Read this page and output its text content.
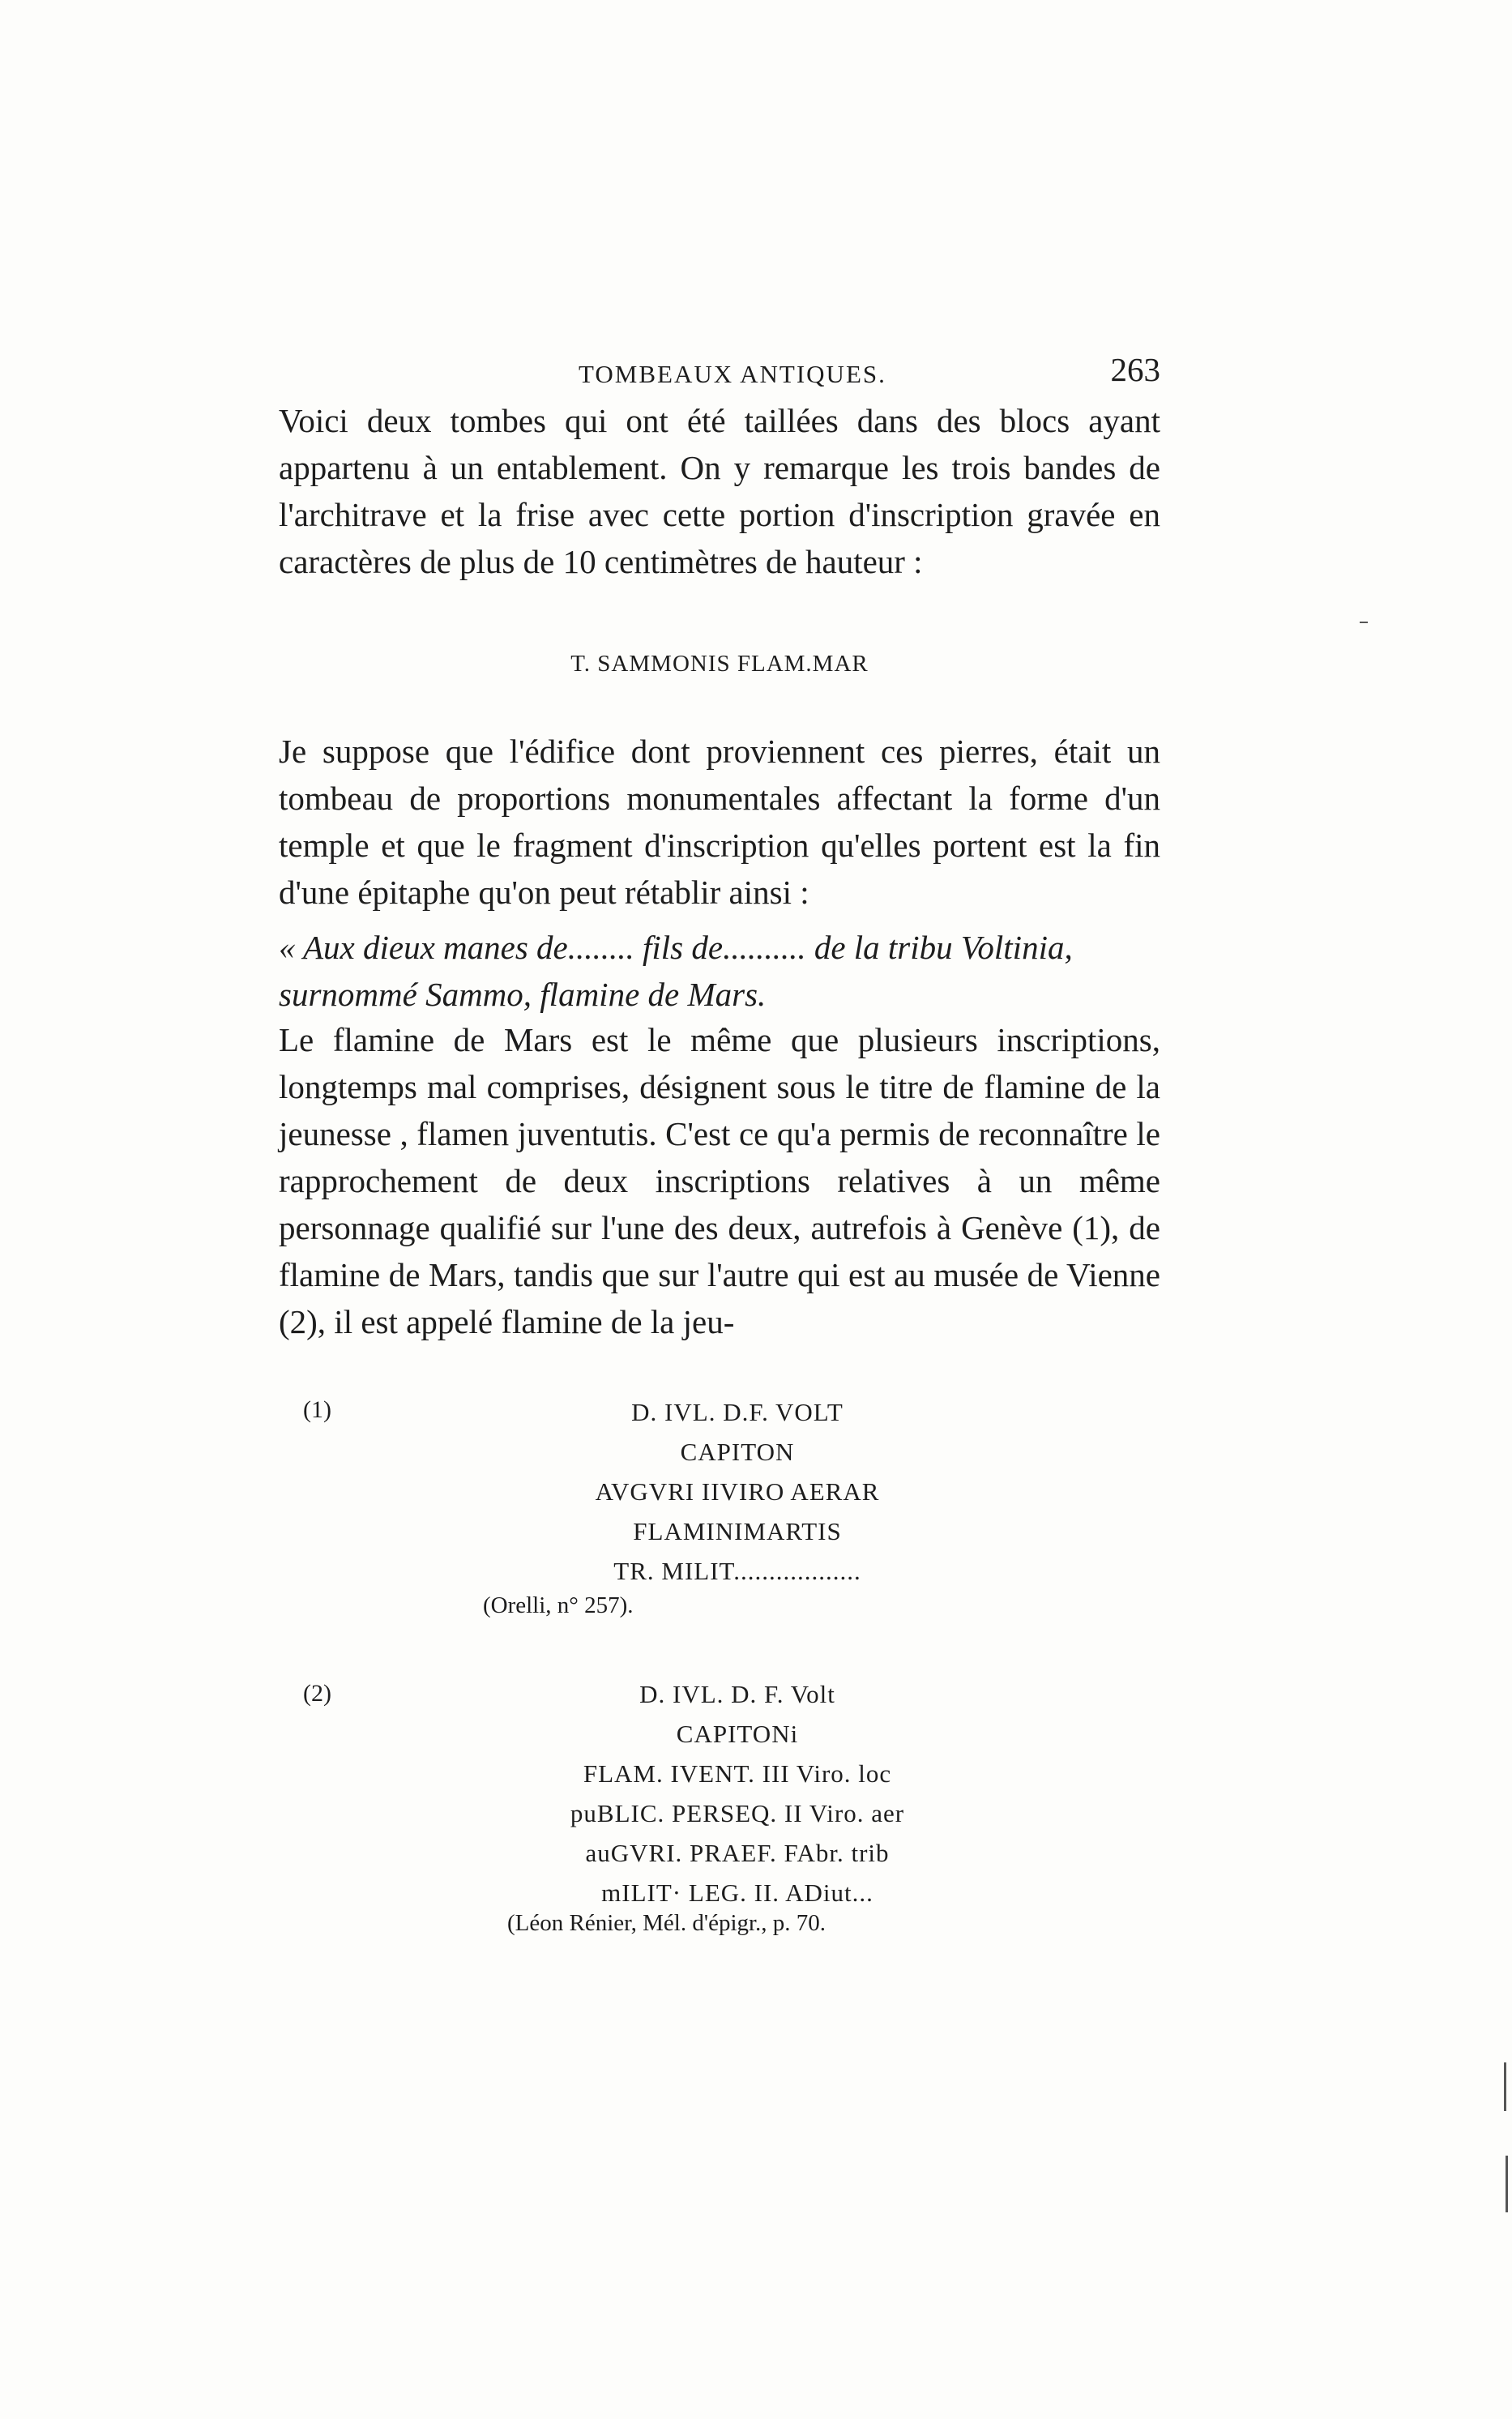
TOMBEAUX ANTIQUES.	263

Voici deux tombes qui ont été taillées dans des blocs ayant appartenu à un entablement. On y remarque les trois bandes de l'architrave et la frise avec cette portion d'inscription gravée en caractères de plus de 10 centimètres de hauteur :

T. SAMMONIS FLAM.MAR

Je suppose que l'édifice dont proviennent ces pierres, était un tombeau de proportions monumentales affectant la forme d'un temple et que le fragment d'inscription qu'elles portent est la fin d'une épitaphe qu'on peut rétablir ainsi :

« Aux dieux manes de........ fils de.......... de la tribu Voltinia, surnommé Sammo, flamine de Mars.

Le flamine de Mars est le même que plusieurs inscriptions, longtemps mal comprises, désignent sous le titre de flamine de la jeunesse , flamen juventutis. C'est ce qu'a permis de reconnaître le rapprochement de deux inscriptions relatives à un même personnage qualifié sur l'une des deux, autrefois à Genève (1), de flamine de Mars, tandis que sur l'autre qui est au musée de Vienne (2), il est appelé flamine de la jeu-

(1)	D. IVL. D.F. VOLT
CAPITON
AVGVRI IIVIRO AERAR
FLAMINIMARTIS
TR. MILIT..................
(Orelli, n° 257).
(2)	D. IVL. D. F. Volt
CAPITONi
FLAM. IVENT. III Viro. loc
puBLIC. PERSEQ. II Viro. aer
auGVRI. PRAEF. FAbr. trib
mILIT· LEG. II. ADiut...
(Léon Rénier, Mél. d'épigr., p. 70.
